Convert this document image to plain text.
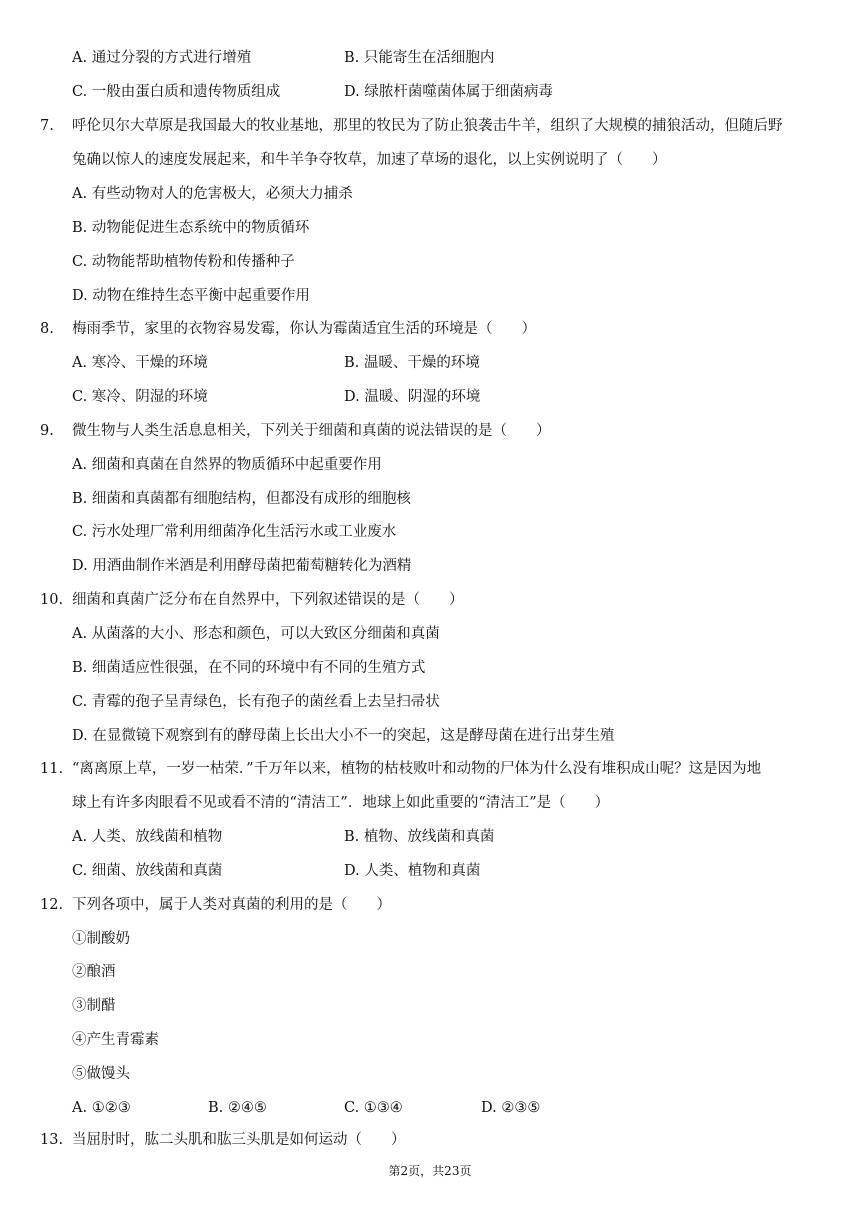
A. 通过分裂的方式进行增殖	B. 只能寄生在活细胞内
C. 一般由蛋白质和遗传物质组成	D. 绿脓杆菌噬菌体属于细菌病毒
7.	呼伦贝尔大草原是我国最大的牧业基地，那里的牧民为了防止狼袭击牛羊，组织了大规模的捕狼活动，但随后野
兔确以惊人的速度发展起来，和牛羊争夺牧草，加速了草场的退化，以上实例说明了（　　）
A. 有些动物对人的危害极大，必须大力捕杀
B. 动物能促进生态系统中的物质循环
C. 动物能帮助植物传粉和传播种子
D. 动物在维持生态平衡中起重要作用
8.	梅雨季节，家里的衣物容易发霉，你认为霉菌适宜生活的环境是（　　）
A. 寒冷、干燥的环境	B. 温暖、干燥的环境
C. 寒冷、阴湿的环境	D. 温暖、阴湿的环境
9.	微生物与人类生活息息相关，下列关于细菌和真菌的说法错误的是（　　）
A. 细菌和真菌在自然界的物质循环中起重要作用
B. 细菌和真菌都有细胞结构，但都没有成形的细胞核
C. 污水处理厂常利用细菌净化生活污水或工业废水
D. 用酒曲制作米酒是利用酵母菌把葡萄糖转化为酒精
10. 细菌和真菌广泛分布在自然界中，下列叙述错误的是（　　）
A. 从菌落的大小、形态和颜色，可以大致区分细菌和真菌
B. 细菌适应性很强，在不同的环境中有不同的生殖方式
C. 青霉的孢子呈青绿色，长有孢子的菌丝看上去呈扫帚状
D. 在显微镜下观察到有的酵母菌上长出大小不一的突起，这是酵母菌在进行出芽生殖
11. “离离原上草，一岁一枯荣．”千万年以来，植物的枯枝败叶和动物的尸体为什么没有堆积成山呢？这是因为地
球上有许多肉眼看不见或看不清的“清洁工”．地球上如此重要的“清洁工”是（　　）
A. 人类、放线菌和植物	B. 植物、放线菌和真菌
C. 细菌、放线菌和真菌	D. 人类、植物和真菌
12. 下列各项中，属于人类对真菌的利用的是（　　）
①制酸奶
②酿酒
③制醋
④产生青霉素
⑤做馒头
A. ①②③	B. ②④⑤	C. ①③④	D. ②③⑤
13. 当屈肘时，肱二头肌和肱三头肌是如何运动（　　）
第2页，共23页
